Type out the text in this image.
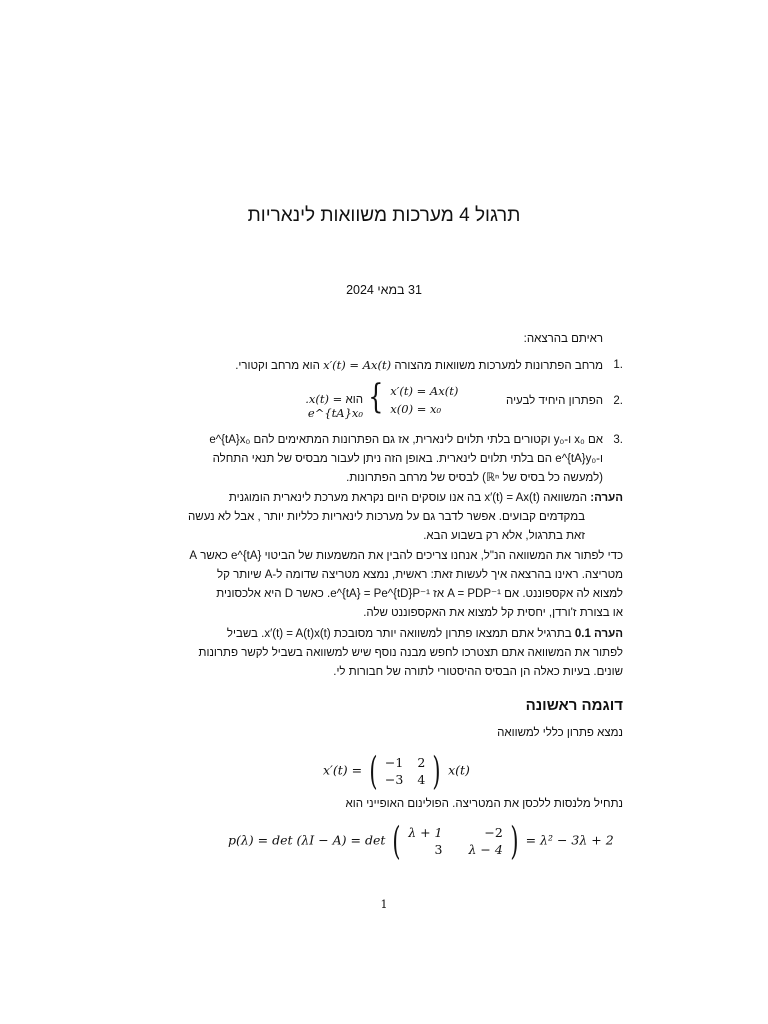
תרגול 4 מערכות משוואות לינאריות
31 במאי 2024
ראיתם בהרצאה:
.1
מרחב הפתרונות למערכות משוואות מהצורה x′(t) = Ax(t) הוא מרחב וקטורי.
.2
הפתרון היחיד לבעיה
{ x′(t) = Ax(t)
x(0) = x₀
הוא .x(t) = e^{tA}x₀
.3
אם x₀ ו-y₀ וקטורים בלתי תלוים לינארית, אז גם הפתרונות המתאימים להם e^{tA}x₀
ו-e^{tA}y₀ הם בלתי תלוים לינארית. באופן הזה ניתן לעבור מבסיס של תנאי התחלה
(למעשה כל בסיס של ℝⁿ) לבסיס של מרחב הפתרונות.
הערה: המשוואה x′(t) = Ax(t) בה אנו עוסקים היום נקראת מערכת לינארית הומוגנית
במקדמים קבועים. אפשר לדבר גם על מערכות לינאריות כלליות יותר , אבל לא נעשה
זאת בתרגול, אלא רק בשבוע הבא.
כדי לפתור את המשוואה הנ"ל, אנחנו צריכים להבין את המשמעות של הביטוי e^{tA} כאשר A
מטריצה. ראינו בהרצאה איך לעשות זאת: ראשית, נמצא מטריצה שדומה ל-A שיותר קל
למצוא לה אקספוננט. אם A = PDP⁻¹ אז e^{tA} = Pe^{tD}P⁻¹. כאשר D היא אלכסונית
או בצורת ז'ורדן, יחסית קל למצוא את האקספוננט שלה.
הערה 0.1 בתרגיל אתם תמצאו פתרון למשוואה יותר מסובכת x′(t) = A(t)x(t). בשביל
לפתור את המשוואה אתם תצטרכו לחפש מבנה נוסף שיש למשוואה בשביל לקשר פתרונות
שונים. בעיות כאלה הן הבסיס ההיסטורי לתורה של חבורות לי.
דוגמה ראשונה
נמצא פתרון כללי למשוואה
x′(t) = ( −1 2
−3 4 ) x(t)
נתחיל מלנסות ללכסן את המטריצה. הפולינום האופייני הוא
p(λ) = det (λI − A) = det ( λ + 1	−2
3 λ − 4 ) = λ² − 3λ + 2
1
